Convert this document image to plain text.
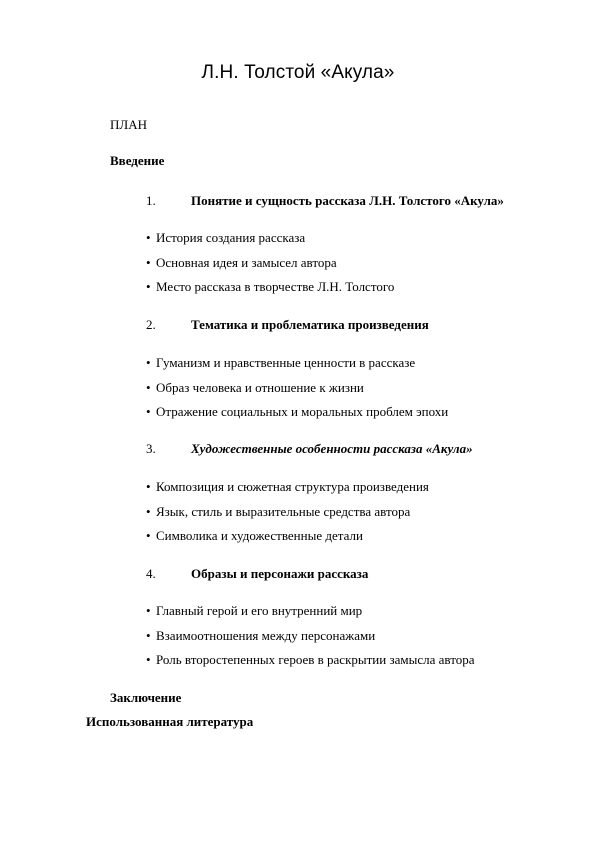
Л.Н. Толстой «Акула»
ПЛАН
Введение
1.	Понятие и сущность рассказа Л.Н. Толстого «Акула»
• История создания рассказа
• Основная идея и замысел автора
• Место рассказа в творчестве Л.Н. Толстого
2.	Тематика и проблематика произведения
• Гуманизм и нравственные ценности в рассказе
• Образ человека и отношение к жизни
• Отражение социальных и моральных проблем эпохи
3.	Художественные особенности рассказа «Акула»
• Композиция и сюжетная структура произведения
• Язык, стиль и выразительные средства автора
• Символика и художественные детали
4.	Образы и персонажи рассказа
• Главный герой и его внутренний мир
• Взаимоотношения между персонажами
• Роль второстепенных героев в раскрытии замысла автора
Заключение
Использованная литература
